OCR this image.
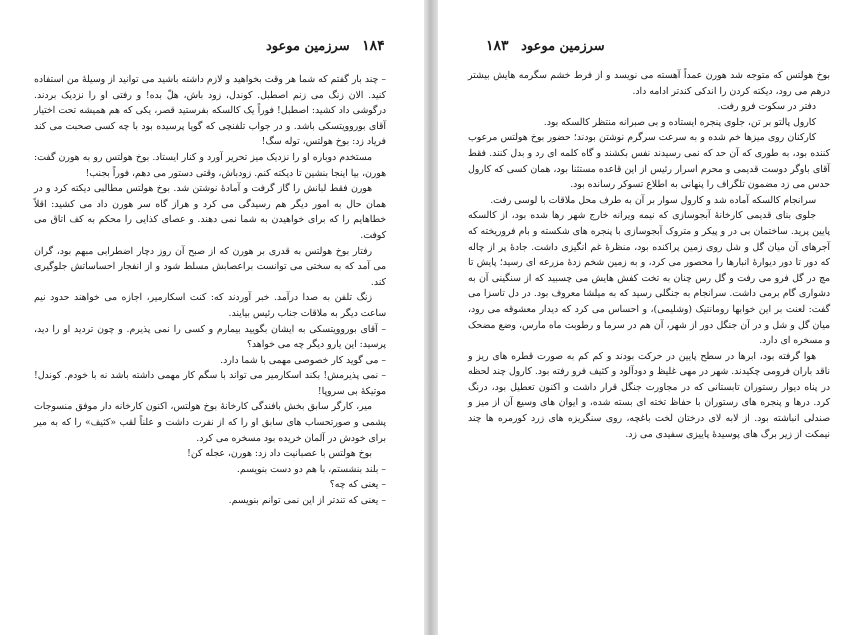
۱۸۴ سرزمین موعود

– چند بار گفتم که شما هر وقت بخواهید و لازم داشته باشید می توانید از وسیلهٔ من استفاده کنید. الان زنگ می زنم اصطبل. کوندل، زود باش، هلّ بده! و رفتی او را نزدیک بردند. درگوشی داد کشید: اصطبل! فوراً یک کالسکه بفرستید قصر، یکی که هم همیشه تحت اختیار آقای بوروویتسکی باشد. و در جواب تلفنچی که گویا پرسیده بود با چه کسی صحبت می کند فریاد زد: بوخ هولتس، توله سگ!

مستخدم دوباره او را نزدیک میز تحریر آورد و کنار ایستاد. بوخ هولتس رو به هورن گفت: هورن، بیا اینجا بنشین تا دیکته کنم. زودباش، وقتی دستور می دهم، فوراً بجنب!

هورن فقط لبانش را گاز گرفت و آمادهٔ نوشتن شد. بوخ هولتس مطالبی دیکته کرد و در همان حال به امور دیگر هم رسیدگی می کرد و هراز گاه سر هورن داد می کشید: اقلاً خطاهایم را که برای خواهیدن به شما نمی دهند. و عصای کذایی را محکم به کف اتاق می کوفت.

رفتار بوخ هولتس به قدری بر هورن که از صبح آن روز دچار اضطرابی مبهم بود، گران می آمد که به سختی می توانست براعصابش مسلط شود و از انفجار احساساتش جلوگیری کند.

زنگ تلفن به صدا درآمد. خبر آوردند که: کنت اسکارمیر، اجازه می خواهند حدود نیم ساعت دیگر به ملاقات جناب رئیس بیایند.

– آقای بوروویتسکی به ایشان بگویید بیمارم و کسی را نمی پذیرم. و چون تردید او را دید، پرسید: این یارو دیگر چه می خواهد؟

– می گوید کار خصوصی مهمی با شما دارد.

– نمی پذیرمش! بکند اسکارمیر می تواند با سگم کار مهمی داشته باشد نه با خودم. کوندل! موتیکهٔ بی سروپا!

میر، کارگر سابق بخش بافندگی کارخانهٔ بوخ هولتس، اکنون کارخانه دار موفق منسوجات پشمی و صورتحساب های سابق او را که از نفرت داشت و علناً لقب «کثیف» را که به میر برای خودش در آلمان خریده بود مسخره می کرد.

بوخ هولتس با عصبانیت داد زد: هورن، عجله کن!

– بلند بنشستم، با هم دو دست بنویسم.

– یعنی که چه؟

– یعنی که تندتر از این نمی توانم بنویسم.

سرزمین موعود ۱۸۳

بوخ هولتس که متوجه شد هورن عمداً آهسته می نویسد و از فرط خشم سگرمه هایش بیشتر درهم می رود، دیکته کردن را اندکی کندتر ادامه داد.

دفتر در سکوت فرو رفت.

کارول پالتو بر تن، جلوی پنجره ایستاده و بی صبرانه منتظر کالسکه بود.

کارکنان روی میزها خم شده و به سرعت سرگرم نوشتن بودند؛ حضور بوخ هولتس مرعوب کننده بود، به طوری که آن حد که نمی رسیدند نفس بکشند و گاه کلمه ای رد و بدل کنند. فقط آقای باوگر دوست قدیمی و محرم اسرار رئیس از این قاعده مستثنا بود، همان کسی که کارول حدس می زد مضمون تلگراف را پنهانی به اطلاع تسوکر رسانده بود.

سرانجام کالسکه آماده شد و کارول سوار بر آن به طرف محل ملاقات با لوسی رفت.

جلوی بنای قدیمی کارخانهٔ آبجوسازی که نیمه ویرانه خارج شهر رها شده بود، از کالسکه پایین پرید. ساختمان بی در و پیکر و متروک آبجوسازی با پنجره های شکسته و بام فروریخته که آجرهای آن میان گل و شل روی زمین پراکنده بود، منظرهٔ غم انگیزی داشت. جادهٔ پر از چاله که دور تا دور دیوارهٔ انبارها را محصور می کرد، و به زمین شخم زدهٔ مزرعه ای رسید؛ پایش تا مچ در گل فرو می رفت و گل رس چنان به تخت کفش هایش می چسبید که از سنگینی آن به دشواری گام برمی داشت. سرانجام به جنگلی رسید که به میلشا معروف بود. در دل تاسزا می گفت: لعنت بر این خوابها رومانتیک (وشلیمی)، و احساس می کرد که دیدار معشوقه می رود، میان گل و شل و در آن جنگل دور از شهر، آن هم در سرما و رطوبت ماه مارس، وضع مضحک و مسخره ای دارد.

هوا گرفته بود، ابرها در سطح پایین در حرکت بودند و کم کم به صورت قطره های ریز و ناقد باران فرومی چکیدند. شهر در مهی غلیظ و دودآلود و کثیف فرو رفته بود. کارول چند لحظه در پناه دیوار رستوران تابستانی که در مجاورت جنگل قرار داشت و اکنون تعطیل بود، درنگ کرد. درها و پنجره های رستوران با حفاظ تخته ای بسته شده، و ایوان های وسیع آن از میز و صندلی انباشته بود. از لابه لای درختان لخت باغچه، روی سنگریزه های زرد کورمره ها چند نیمکت از زیر برگ های پوسیدهٔ پاییزی سفیدی می زد.
